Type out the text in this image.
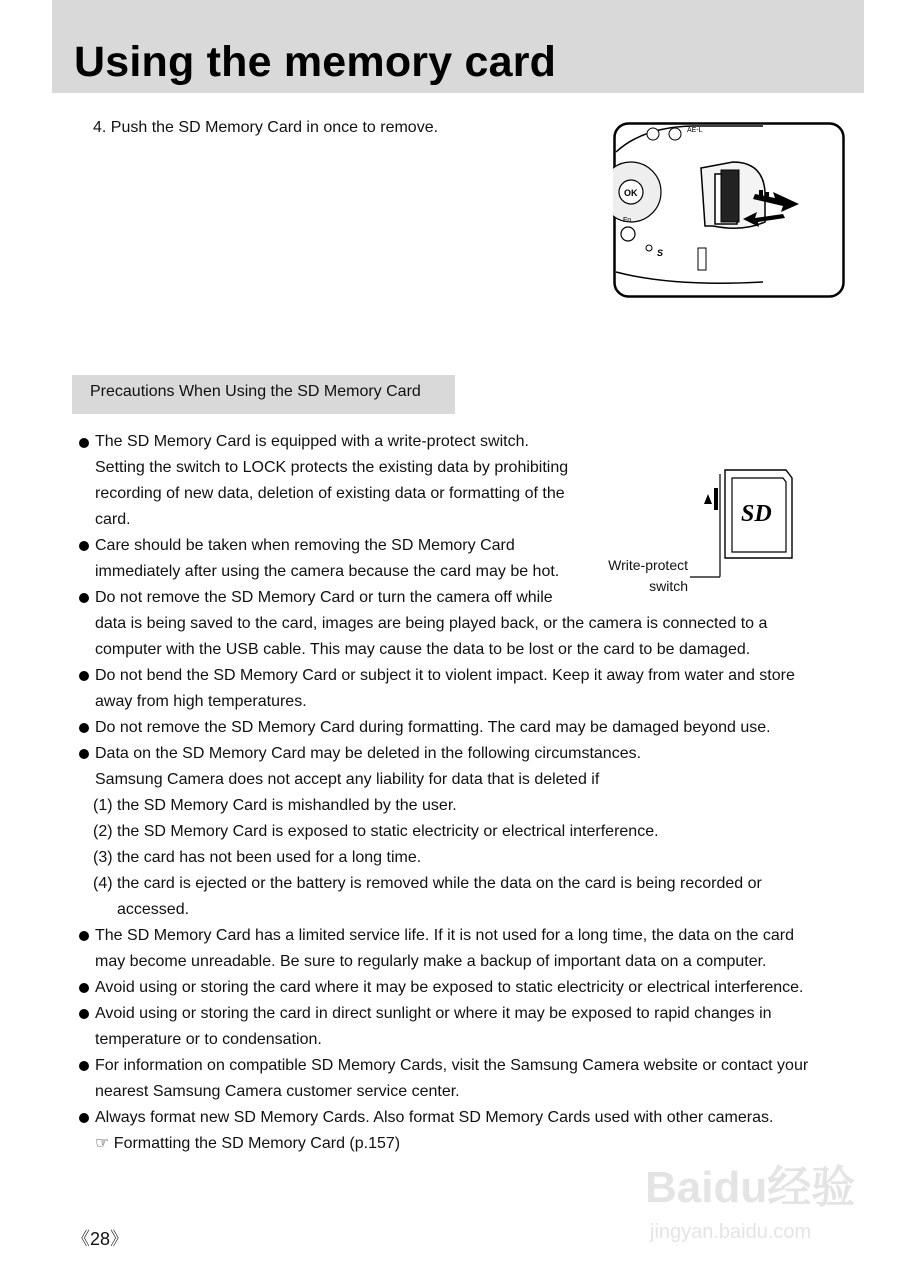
Using the memory card
4. Push the SD Memory Card in once to remove.
OK
Fn
AE-L
S
Precautions When Using the SD Memory Card
SD
Write-protect
switch
The SD Memory Card is equipped with a write-protect switch.
Setting the switch to LOCK protects the existing data by prohibiting
recording of new data, deletion of existing data or formatting of the
card.
Care should be taken when removing the SD Memory Card
immediately after using the camera because the card may be hot.
Do not remove the SD Memory Card or turn the camera off while
data is being saved to the card, images are being played back, or the camera is connected to a
computer with the USB cable. This may cause the data to be lost or the card to be damaged.
Do not bend the SD Memory Card or subject it to violent impact. Keep it away from water and store
away from high temperatures.
Do not remove the SD Memory Card during formatting. The card may be damaged beyond use.
Data on the SD Memory Card may be deleted in the following circumstances.
Samsung Camera does not accept any liability for data that is deleted if
(1) the SD Memory Card is mishandled by the user.
(2) the SD Memory Card is exposed to static electricity or electrical interference.
(3) the card has not been used for a long time.
(4) the card is ejected or the battery is removed while the data on the card is being recorded or
accessed.
The SD Memory Card has a limited service life. If it is not used for a long time, the data on the card
may become unreadable. Be sure to regularly make a backup of important data on a computer.
Avoid using or storing the card where it may be exposed to static electricity or electrical interference.
Avoid using or storing the card in direct sunlight or where it may be exposed to rapid changes in
temperature or to condensation.
For information on compatible SD Memory Cards, visit the Samsung Camera website or contact your
nearest Samsung Camera customer service center.
Always format new SD Memory Cards. Also format SD Memory Cards used with other cameras.
☞ Formatting the SD Memory Card (p.157)
《28》
Baidu经验
jingyan.baidu.com
